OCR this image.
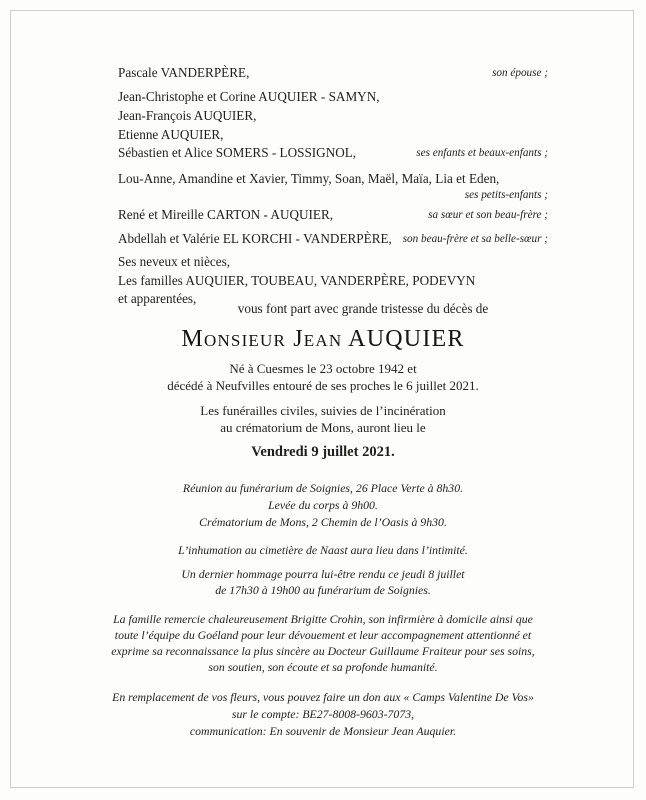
Pascale VANDERPÈRE,	son épouse ;
Jean-Christophe et Corine AUQUIER - SAMYN,
Jean-François AUQUIER,
Etienne AUQUIER,
Sébastien et Alice SOMERS - LOSSIGNOL,	ses enfants et beaux-enfants ;
Lou-Anne, Amandine et Xavier, Timmy, Soan, Maël, Maïa, Lia et Eden,
ses petits-enfants ;
René et Mireille CARTON - AUQUIER,	sa sœur et son beau-frère ;
Abdellah et Valérie EL KORCHI - VANDERPÈRE, son beau-frère et sa belle-sœur ;
Ses neveux et nièces,
Les familles AUQUIER, TOUBEAU, VANDERPÈRE, PODEVYN
et apparentées,
vous font part avec grande tristesse du décès de
Monsieur Jean AUQUIER
Né à Cuesmes le 23 octobre 1942 et
décédé à Neufvilles entouré de ses proches le 6 juillet 2021.
Les funérailles civiles, suivies de l’incinération
au crématorium de Mons, auront lieu le
Vendredi 9 juillet 2021.
Réunion au funérarium de Soignies, 26 Place Verte à 8h30.
Levée du corps à 9h00.
Crématorium de Mons, 2 Chemin de l’Oasis à 9h30.
L’inhumation au cimetière de Naast aura lieu dans l’intimité.
Un dernier hommage pourra lui-être rendu ce jeudi 8 juillet
de 17h30 à 19h00 au funérarium de Soignies.
La famille remercie chaleureusement Brigitte Crohin, son infirmière à domicile ainsi que
toute l’équipe du Goéland pour leur dévouement et leur accompagnement attentionné et
exprime sa reconnaissance la plus sincère au Docteur Guillaume Fraiteur pour ses soins,
son soutien, son écoute et sa profonde humanité.
En remplacement de vos fleurs, vous pouvez faire un don aux « Camps Valentine De Vos»
sur le compte: BE27-8008-9603-7073,
communication: En souvenir de Monsieur Jean Auquier.
